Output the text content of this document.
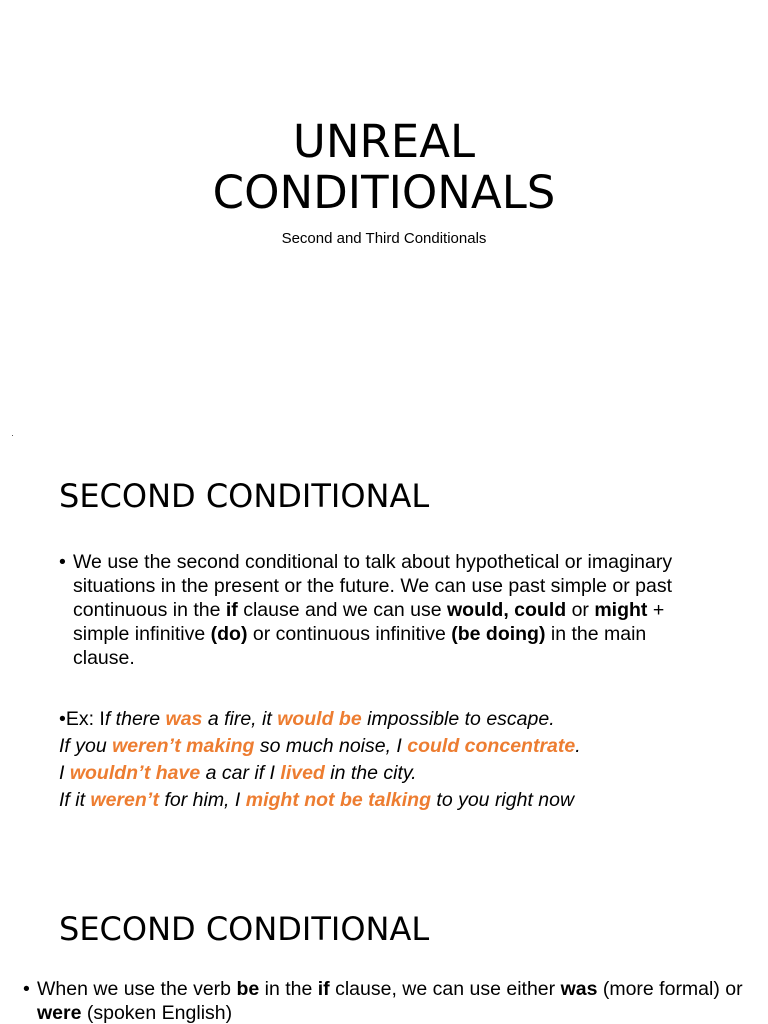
UNREAL
CONDITIONALS
Second and Third Conditionals
SECOND CONDITIONAL
• We use the second conditional to talk about hypothetical or imaginary situations in the present or the future. We can use past simple or past continuous in the if clause and we can use would, could or might + simple infinitive (do) or continuous infinitive (be doing) in the main clause.
•Ex: If there was a fire, it would be impossible to escape.
If you weren’t making so much noise, I could concentrate.
I wouldn’t have a car if I lived in the city.
If it weren’t for him, I might not be talking to you right now
SECOND CONDITIONAL
• When we use the verb be in the if clause, we can use either was (more formal) or were (spoken English)
